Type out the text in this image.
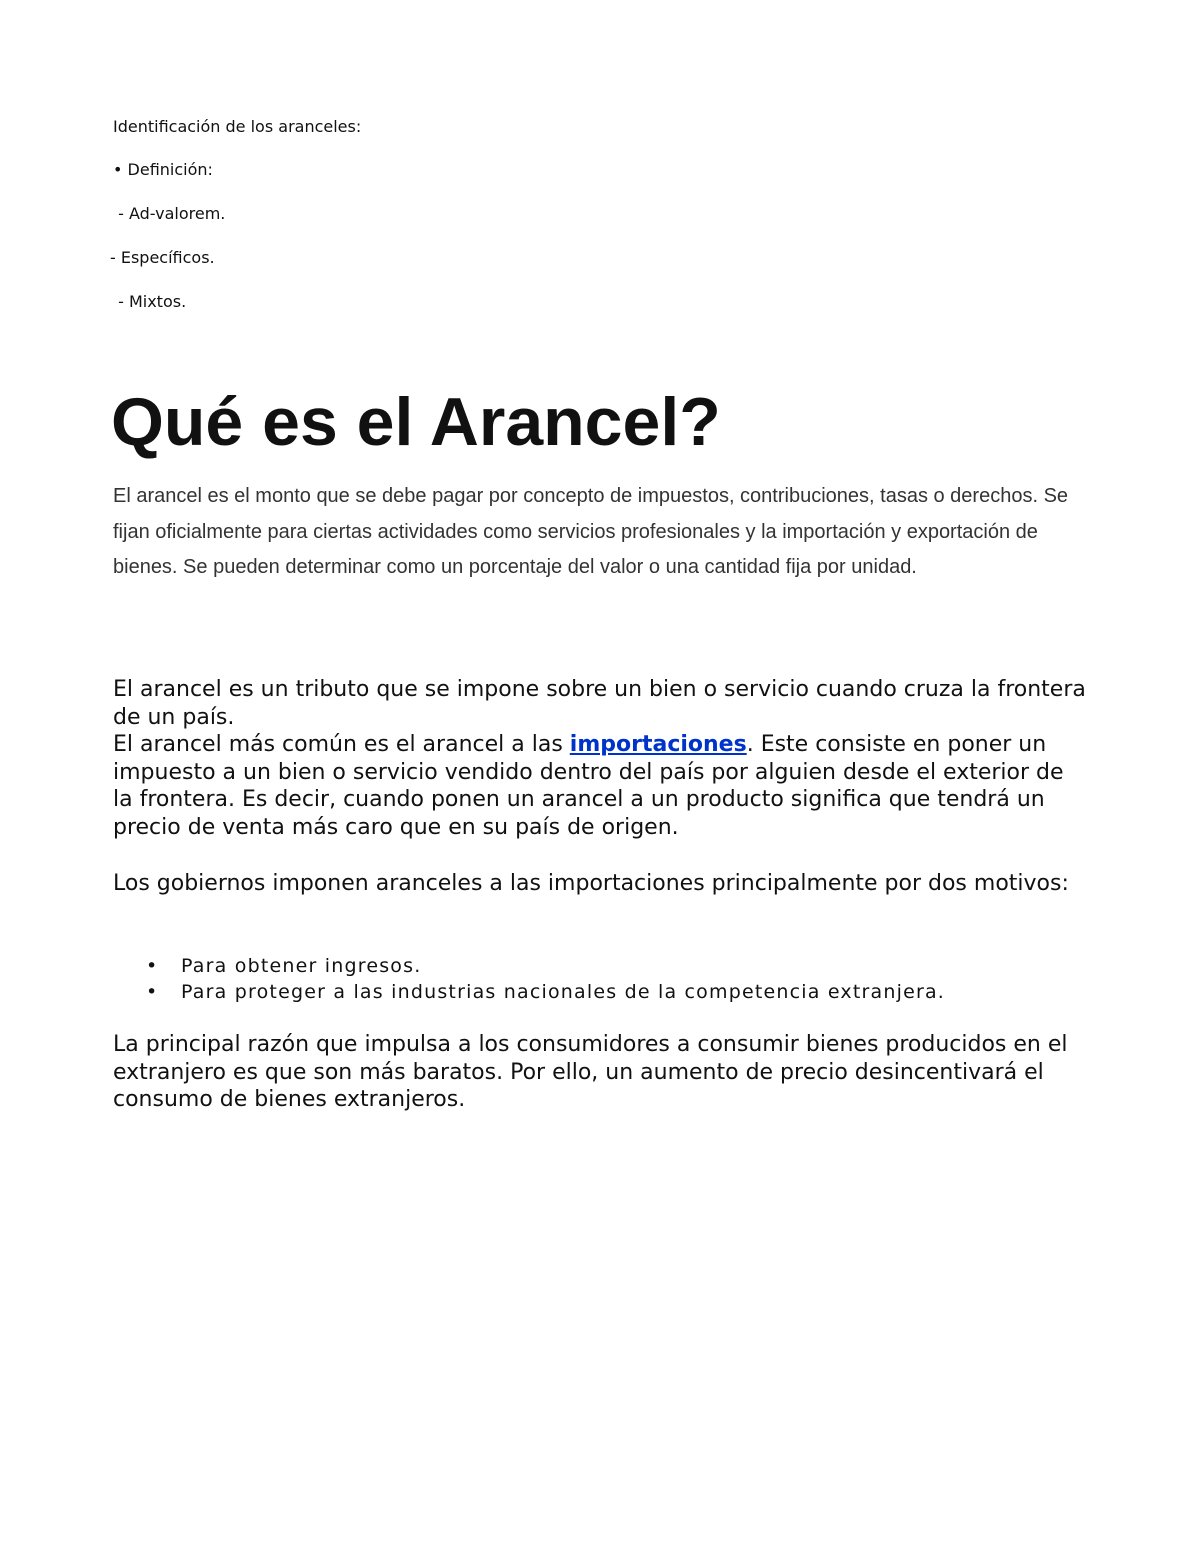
Identificación de los aranceles:
• Definición:
- Ad-valorem.
- Específicos.
- Mixtos.
Qué es el Arancel?

El arancel es el monto que se debe pagar por concepto de impuestos, contribuciones, tasas o derechos. Se fijan oficialmente para ciertas actividades como servicios profesionales y la importación y exportación de bienes. Se pueden determinar como un porcentaje del valor o una cantidad fija por unidad.

El arancel es un tributo que se impone sobre un bien o servicio cuando cruza la frontera de un país.
El arancel más común es el arancel a las importaciones. Este consiste en poner un impuesto a un bien o servicio vendido dentro del país por alguien desde el exterior de la frontera. Es decir, cuando ponen un arancel a un producto significa que tendrá un precio de venta más caro que en su país de origen.
Los gobiernos imponen aranceles a las importaciones principalmente por dos motivos:
• Para obtener ingresos.
• Para proteger a las industrias nacionales de la competencia extranjera.
La principal razón que impulsa a los consumidores a consumir bienes producidos en el extranjero es que son más baratos. Por ello, un aumento de precio desincentivará el consumo de bienes extranjeros.
